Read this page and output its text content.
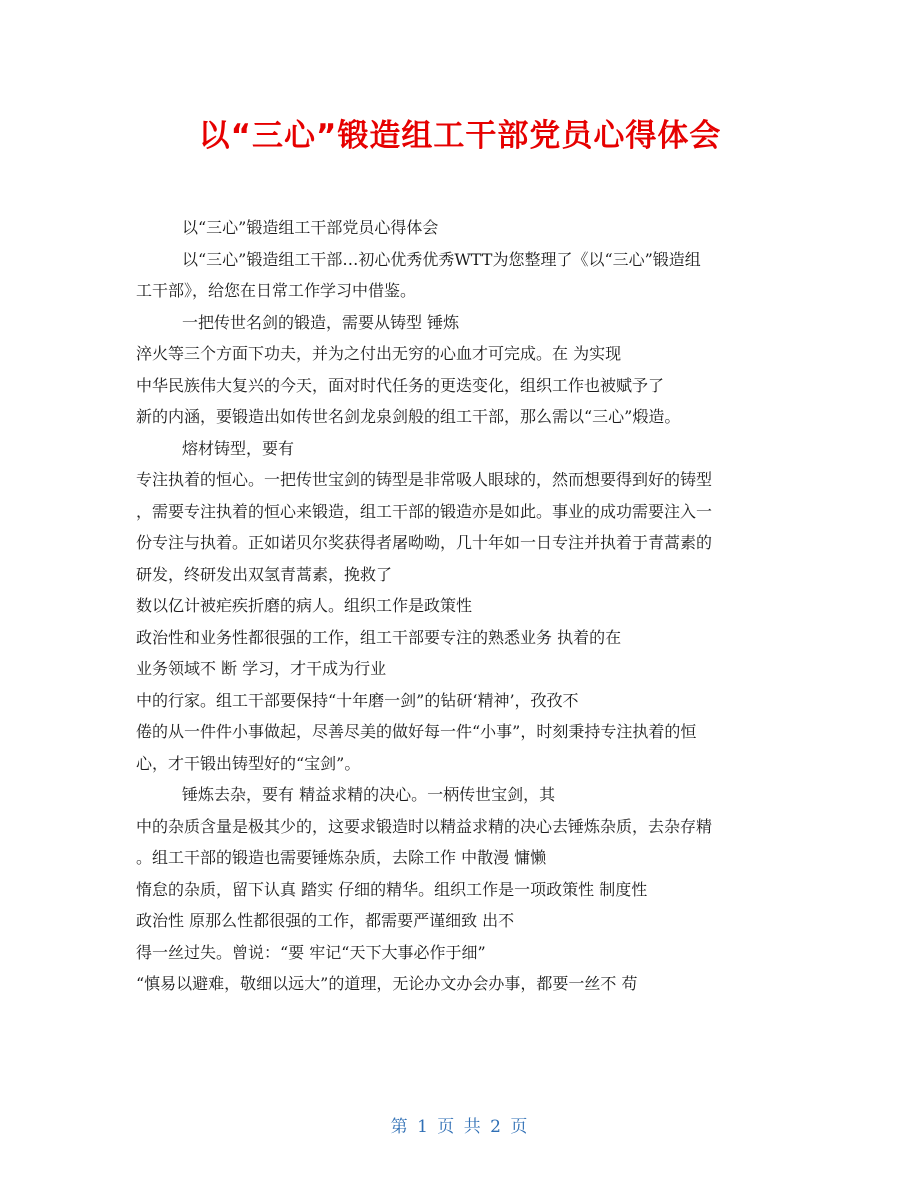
以“三心”锻造组工干部党员心得体会
以“三心”锻造组工干部党员心得体会
以“三心”锻造组工干部…初心优秀优秀WTT为您整理了《以“三心”锻造组
工干部》，给您在日常工作学习中借鉴。
一把传世名剑的锻造，需要从铸型 锤炼
淬火等三个方面下功夫，并为之付出无穷的心血才可完成。在 为实现
中华民族伟大复兴的今天，面对时代任务的更迭变化，组织工作也被赋予了
新的内涵，要锻造出如传世名剑龙泉剑般的组工干部，那么需以“三心”煅造。
熔材铸型，要有
专注执着的恒心。一把传世宝剑的铸型是非常吸人眼球的，然而想要得到好的铸型
，需要专注执着的恒心来锻造，组工干部的锻造亦是如此。事业的成功需要注入一
份专注与执着。正如诺贝尔奖获得者屠呦呦，几十年如一日专注并执着于青蒿素的
研发，终研发出双氢青蒿素，挽救了
数以亿计被疟疾折磨的病人。组织工作是政策性
政治性和业务性都很强的工作，组工干部要专注的熟悉业务 执着的在
业务领域不 断 学习，才干成为行业
中的行家。组工干部要保持“十年磨一剑”的钻研‘精神’，孜孜不
倦的从一件件小事做起，尽善尽美的做好每一件“小事”，时刻秉持专注执着的恒
心，才干锻出铸型好的“宝剑”。
锤炼去杂，要有 精益求精的决心。一柄传世宝剑，其
中的杂质含量是极其少的，这要求锻造时以精益求精的决心去锤炼杂质，去杂存精
。组工干部的锻造也需要锤炼杂质，去除工作 中散漫 慵懒
惰怠的杂质，留下认真 踏实 仔细的精华。组织工作是一项政策性 制度性
政治性 原那么性都很强的工作，都需要严谨细致 出不
得一丝过失。曾说：“要 牢记“天下大事必作于细”
“慎易以避难，敬细以远大”的道理，无论办文办会办事，都要一丝不 苟
第 1 页 共 2 页
